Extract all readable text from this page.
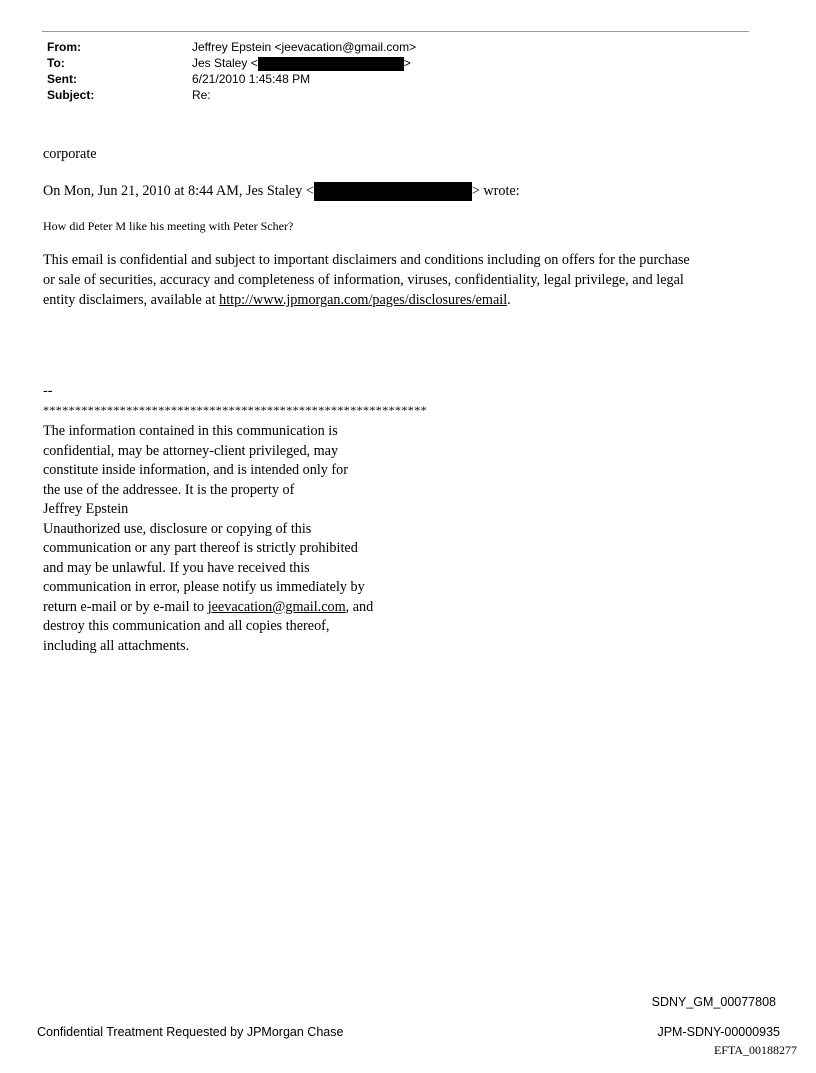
From:	Jeffrey Epstein <jeevacation@gmail.com>
To:	Jes Staley <	>
Sent:	6/21/2010 1:45:48 PM
Subject:	Re:
corporate
On Mon, Jun 21, 2010 at 8:44 AM, Jes Staley <	> wrote:
How did Peter M like his meeting with Peter Scher?
This email is confidential and subject to important disclaimers and conditions including on offers for the purchase
or sale of securities, accuracy and completeness of information, viruses, confidentiality, legal privilege, and legal
entity disclaimers, available at http://www.jpmorgan.com/pages/disclosures/email.
--
************************************************************
The information contained in this communication is
confidential, may be attorney-client privileged, may
constitute inside information, and is intended only for
the use of the addressee. It is the property of
Jeffrey Epstein
Unauthorized use, disclosure or copying of this
communication or any part thereof is strictly prohibited
and may be unlawful. If you have received this
communication in error, please notify us immediately by
return e-mail or by e-mail to jeevacation@gmail.com, and
destroy this communication and all copies thereof,
including all attachments.
SDNY_GM_00077808
Confidential Treatment Requested by JPMorgan Chase	JPM-SDNY-00000935
EFTA_00188277
